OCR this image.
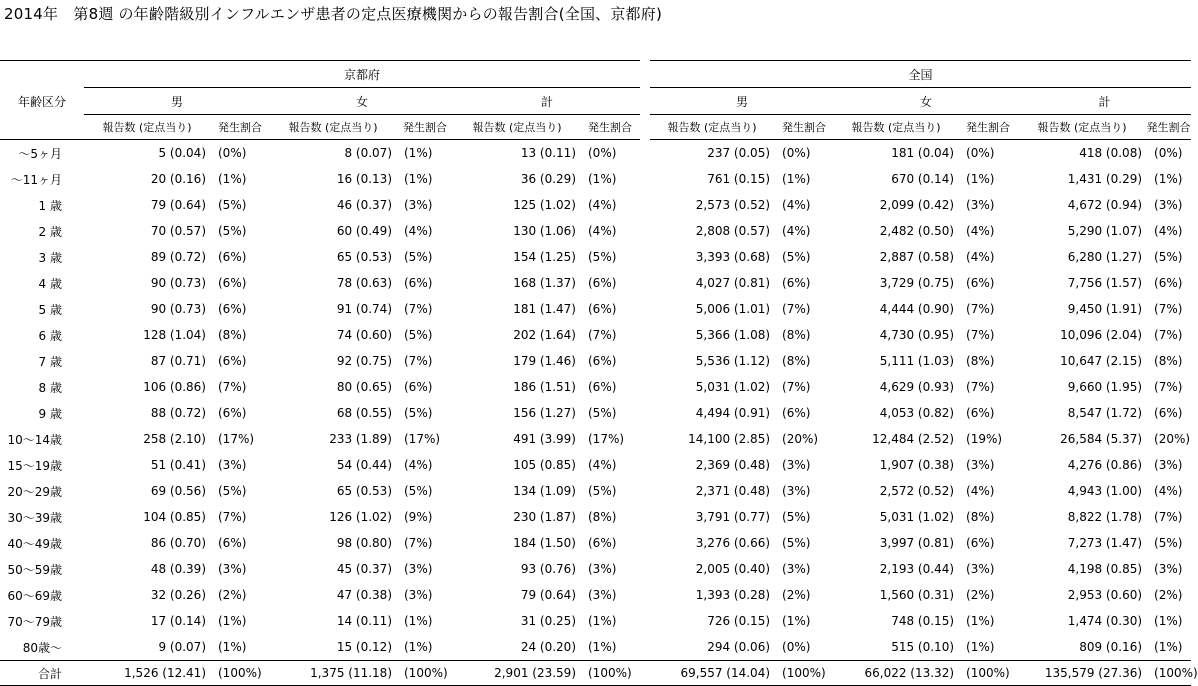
2014年　第8週 の年齢階級別インフルエンザ患者の定点医療機関からの報告割合(全国、京都府)
	京都府							全国					
年齢区分	男		女		計			男		女		計	
	報告数 (定点当り)	発生割合	報告数 (定点当り)	発生割合	報告数 (定点当り)	発生割合		報告数 (定点当り)	発生割合	報告数 (定点当り)	発生割合	報告数 (定点当り)	発生割合
～5ヶ月	5 (0.04)	(0%)	8 (0.07)	(1%)	13 (0.11)	(0%)		237 (0.05)	(0%)	181 (0.04)	(0%)	418 (0.08)	(0%)
～11ヶ月	20 (0.16)	(1%)	16 (0.13)	(1%)	36 (0.29)	(1%)		761 (0.15)	(1%)	670 (0.14)	(1%)	1,431 (0.29)	(1%)
1 歳	79 (0.64)	(5%)	46 (0.37)	(3%)	125 (1.02)	(4%)		2,573 (0.52)	(4%)	2,099 (0.42)	(3%)	4,672 (0.94)	(3%)
2 歳	70 (0.57)	(5%)	60 (0.49)	(4%)	130 (1.06)	(4%)		2,808 (0.57)	(4%)	2,482 (0.50)	(4%)	5,290 (1.07)	(4%)
3 歳	89 (0.72)	(6%)	65 (0.53)	(5%)	154 (1.25)	(5%)		3,393 (0.68)	(5%)	2,887 (0.58)	(4%)	6,280 (1.27)	(5%)
4 歳	90 (0.73)	(6%)	78 (0.63)	(6%)	168 (1.37)	(6%)		4,027 (0.81)	(6%)	3,729 (0.75)	(6%)	7,756 (1.57)	(6%)
5 歳	90 (0.73)	(6%)	91 (0.74)	(7%)	181 (1.47)	(6%)		5,006 (1.01)	(7%)	4,444 (0.90)	(7%)	9,450 (1.91)	(7%)
6 歳	128 (1.04)	(8%)	74 (0.60)	(5%)	202 (1.64)	(7%)		5,366 (1.08)	(8%)	4,730 (0.95)	(7%)	10,096 (2.04)	(7%)
7 歳	87 (0.71)	(6%)	92 (0.75)	(7%)	179 (1.46)	(6%)		5,536 (1.12)	(8%)	5,111 (1.03)	(8%)	10,647 (2.15)	(8%)
8 歳	106 (0.86)	(7%)	80 (0.65)	(6%)	186 (1.51)	(6%)		5,031 (1.02)	(7%)	4,629 (0.93)	(7%)	9,660 (1.95)	(7%)
9 歳	88 (0.72)	(6%)	68 (0.55)	(5%)	156 (1.27)	(5%)		4,494 (0.91)	(6%)	4,053 (0.82)	(6%)	8,547 (1.72)	(6%)
10～14歳	258 (2.10)	(17%)	233 (1.89)	(17%)	491 (3.99)	(17%)		14,100 (2.85)	(20%)	12,484 (2.52)	(19%)	26,584 (5.37)	(20%)
15～19歳	51 (0.41)	(3%)	54 (0.44)	(4%)	105 (0.85)	(4%)		2,369 (0.48)	(3%)	1,907 (0.38)	(3%)	4,276 (0.86)	(3%)
20～29歳	69 (0.56)	(5%)	65 (0.53)	(5%)	134 (1.09)	(5%)		2,371 (0.48)	(3%)	2,572 (0.52)	(4%)	4,943 (1.00)	(4%)
30～39歳	104 (0.85)	(7%)	126 (1.02)	(9%)	230 (1.87)	(8%)		3,791 (0.77)	(5%)	5,031 (1.02)	(8%)	8,822 (1.78)	(7%)
40～49歳	86 (0.70)	(6%)	98 (0.80)	(7%)	184 (1.50)	(6%)		3,276 (0.66)	(5%)	3,997 (0.81)	(6%)	7,273 (1.47)	(5%)
50～59歳	48 (0.39)	(3%)	45 (0.37)	(3%)	93 (0.76)	(3%)		2,005 (0.40)	(3%)	2,193 (0.44)	(3%)	4,198 (0.85)	(3%)
60～69歳	32 (0.26)	(2%)	47 (0.38)	(3%)	79 (0.64)	(3%)		1,393 (0.28)	(2%)	1,560 (0.31)	(2%)	2,953 (0.60)	(2%)
70～79歳	17 (0.14)	(1%)	14 (0.11)	(1%)	31 (0.25)	(1%)		726 (0.15)	(1%)	748 (0.15)	(1%)	1,474 (0.30)	(1%)
80歳～	9 (0.07)	(1%)	15 (0.12)	(1%)	24 (0.20)	(1%)		294 (0.06)	(0%)	515 (0.10)	(1%)	809 (0.16)	(1%)
合計	1,526 (12.41)	(100%)	1,375 (11.18)	(100%)	2,901 (23.59)	(100%)		69,557 (14.04)	(100%)	66,022 (13.32)	(100%)	135,579 (27.36)	(100%)
